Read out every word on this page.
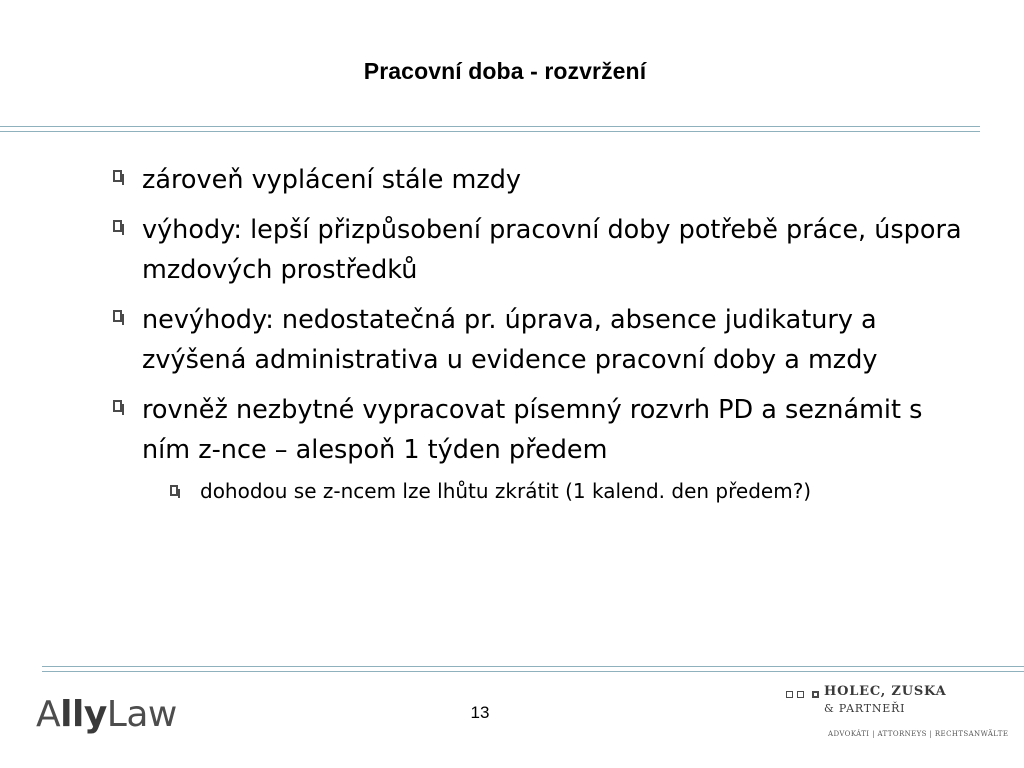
Pracovní doba - rozvržení
zároveň vyplácení stále mzdy
výhody: lepší přizpůsobení pracovní doby potřebě práce, úspora mzdových prostředků
nevýhody: nedostatečná pr. úprava, absence judikatury a zvýšená administrativa u evidence pracovní doby a mzdy
rovněž nezbytné vypracovat písemný rozvrh PD a seznámit s ním z-nce – alespoň 1 týden předem
dohodou se z-ncem lze lhůtu zkrátit (1 kalend. den předem?)
AllyLaw	13

HOLEC, ZUSKA
& PARTNEŘI
ADVOKÁTI | ATTORNEYS | RECHTSANWÄLTE
